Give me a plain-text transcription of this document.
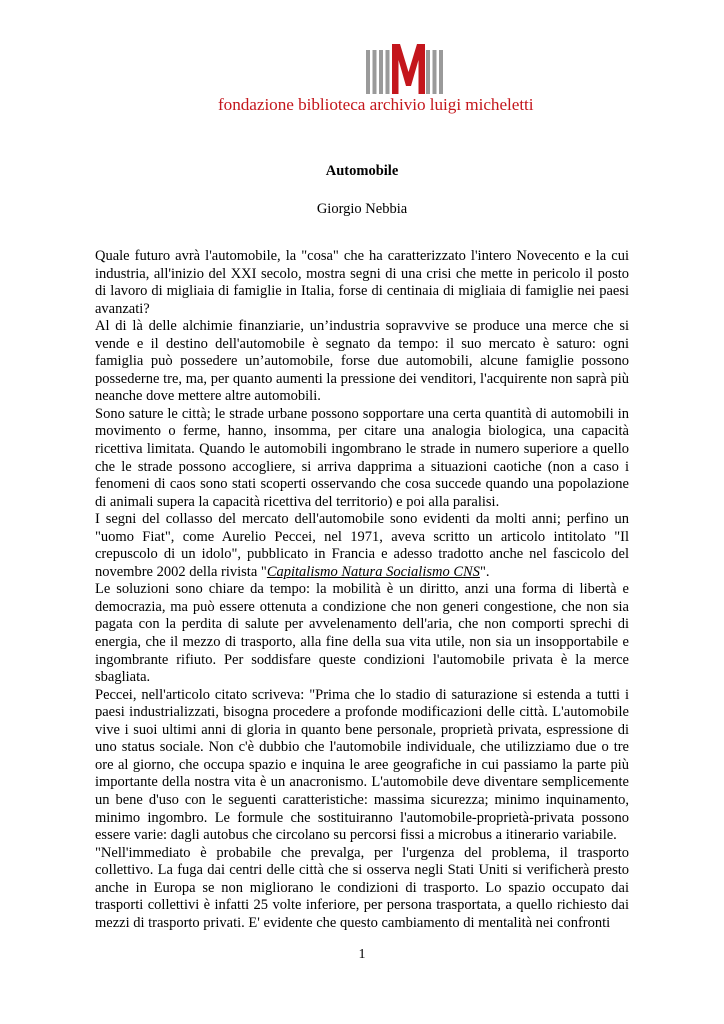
fondazione biblioteca archivio luigi micheletti
Automobile
Giorgio Nebbia

Quale futuro avrà l'automobile, la "cosa" che ha caratterizzato l'intero Novecento e la cui industria, all'inizio del XXI secolo, mostra segni di una crisi che mette in pericolo il posto di lavoro di migliaia di famiglie in Italia, forse di centinaia di migliaia di famiglie nei paesi avanzati?

Al di là delle alchimie finanziarie, un’industria sopravvive se produce una merce che si vende e il destino dell'automobile è segnato da tempo: il suo mercato è saturo: ogni famiglia può possedere un’automobile, forse due automobili, alcune famiglie possono possederne tre, ma, per quanto aumenti la pressione dei venditori, l'acquirente non saprà più neanche dove mettere altre automobili.

Sono sature le città; le strade urbane possono sopportare una certa quantità di automobili in movimento o ferme, hanno, insomma, per citare una analogia biologica, una capacità ricettiva limitata. Quando le automobili ingombrano le strade in numero superiore a quello che le strade possono accogliere, si arriva dapprima a situazioni caotiche (non a caso i fenomeni di caos sono stati scoperti osservando che cosa succede quando una popolazione di animali supera la capacità ricettiva del territorio) e poi alla paralisi.

I segni del collasso del mercato dell'automobile sono evidenti da molti anni; perfino un "uomo Fiat", come Aurelio Peccei, nel 1971, aveva scritto un articolo intitolato "Il crepuscolo di un idolo", pubblicato in Francia e adesso tradotto anche nel fascicolo del novembre 2002 della rivista "Capitalismo Natura Socialismo CNS".

Le soluzioni sono chiare da tempo: la mobilità è un diritto, anzi una forma di libertà e democrazia, ma può essere ottenuta a condizione che non generi congestione, che non sia pagata con la perdita di salute per avvelenamento dell'aria, che non comporti sprechi di energia, che il mezzo di trasporto, alla fine della sua vita utile, non sia un insopportabile e ingombrante rifiuto. Per soddisfare queste condizioni l'automobile privata è la merce sbagliata.

Peccei, nell'articolo citato scriveva: "Prima che lo stadio di saturazione si estenda a tutti i paesi industrializzati, bisogna procedere a profonde modificazioni delle città. L'automobile vive i suoi ultimi anni di gloria in quanto bene personale, proprietà privata, espressione di uno status sociale. Non c'è dubbio che l'automobile individuale, che utilizziamo due o tre ore al giorno, che occupa spazio e inquina le aree geografiche in cui passiamo la parte più importante della nostra vita è un anacronismo. L'automobile deve diventare semplicemente un bene d'uso con le seguenti caratteristiche: massima sicurezza; minimo inquinamento, minimo ingombro. Le formule che sostituiranno l'automobile-proprietà-privata possono essere varie: dagli autobus che circolano su percorsi fissi a microbus a itinerario variabile.

"Nell'immediato è probabile che prevalga, per l'urgenza del problema, il trasporto collettivo. La fuga dai centri delle città che si osserva negli Stati Uniti si verificherà presto anche in Europa se non migliorano le condizioni di trasporto. Lo spazio occupato dai trasporti collettivi è infatti 25 volte inferiore, per persona trasportata, a quello richiesto dai mezzi di trasporto privati. E' evidente che questo cambiamento di mentalità nei confronti

1
